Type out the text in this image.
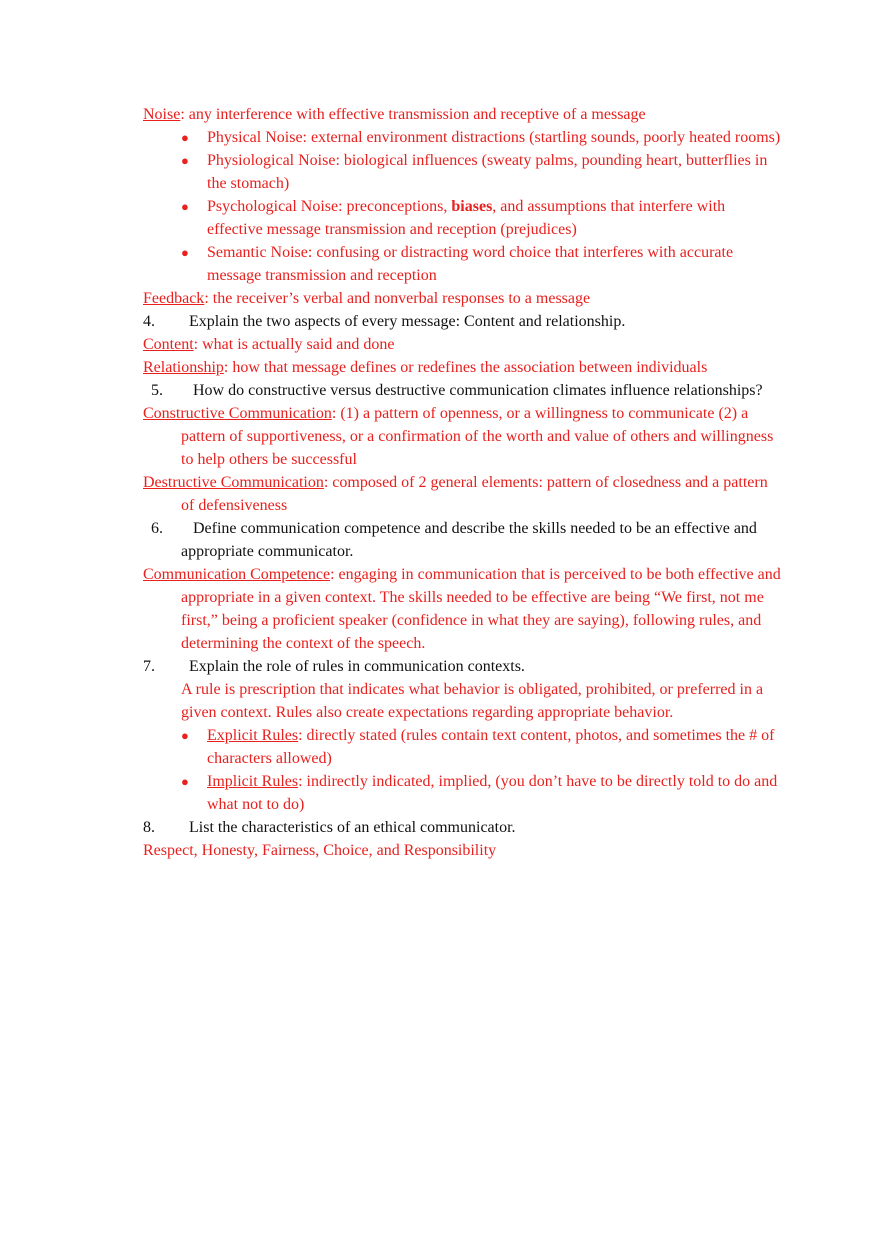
Noise: any interference with effective transmission and receptive of a message
●	Physical Noise: external environment distractions (startling sounds, poorly heated rooms)
●	Physiological Noise: biological influences (sweaty palms, pounding heart, butterflies in the stomach)
●	Psychological Noise: preconceptions, biases, and assumptions that interfere with effective message transmission and reception (prejudices)
●	Semantic Noise: confusing or distracting word choice that interferes with accurate message transmission and reception
Feedback: the receiver’s verbal and nonverbal responses to a message
4.	Explain the two aspects of every message: Content and relationship.
Content: what is actually said and done
Relationship: how that message defines or redefines the association between individuals
5. How do constructive versus destructive communication climates influence relationships?
Constructive Communication: (1) a pattern of openness, or a willingness to communicate (2) a pattern of supportiveness, or a confirmation of the worth and value of others and willingness to help others be successful
Destructive Communication: composed of 2 general elements: pattern of closedness and a pattern of defensiveness
6. Define communication competence and describe the skills needed to be an effective and appropriate communicator.
Communication Competence: engaging in communication that is perceived to be both effective and appropriate in a given context. The skills needed to be effective are being “We first, not me first,” being a proficient speaker (confidence in what they are saying), following rules, and determining the context of the speech.
7.	Explain the role of rules in communication contexts.
A rule is prescription that indicates what behavior is obligated, prohibited, or preferred in a given context. Rules also create expectations regarding appropriate behavior.
●	Explicit Rules: directly stated (rules contain text content, photos, and sometimes the # of characters allowed)
●	Implicit Rules: indirectly indicated, implied, (you don’t have to be directly told to do and what not to do)
8.	List the characteristics of an ethical communicator.
Respect, Honesty, Fairness, Choice, and Responsibility
